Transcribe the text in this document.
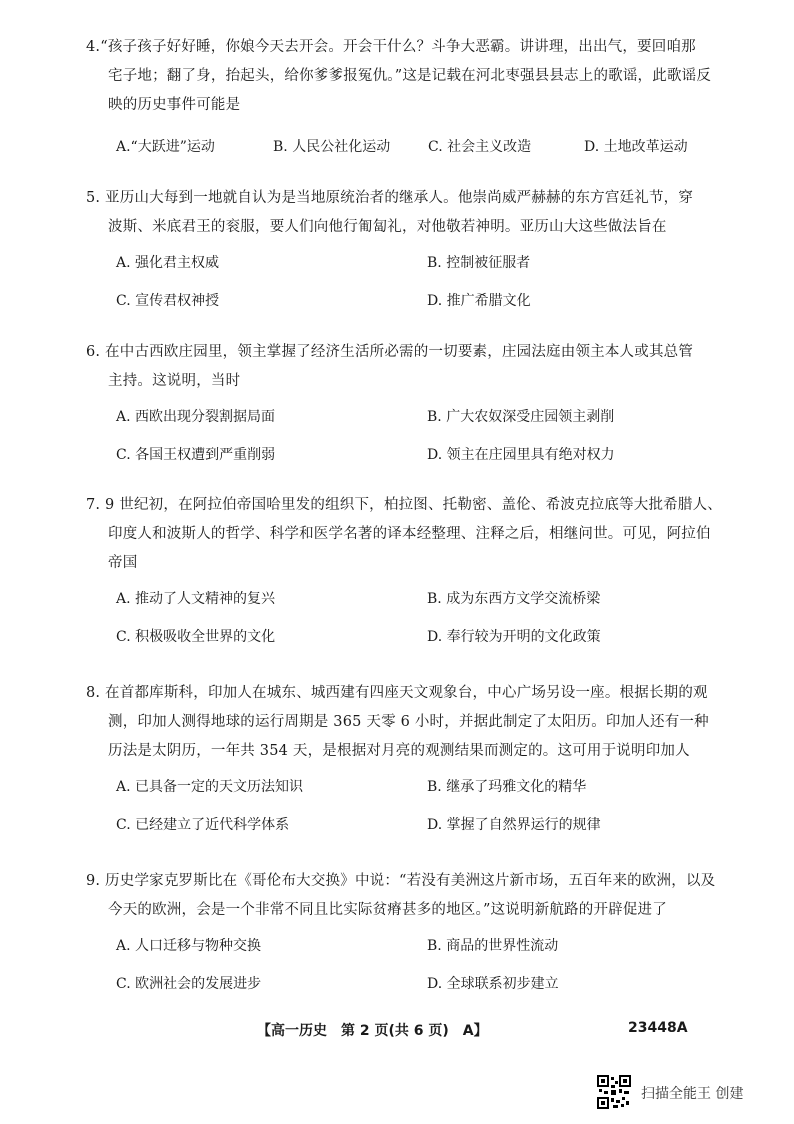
4.“孩子孩子好好睡，你娘今天去开会。开会干什么？斗争大恶霸。讲讲理，出出气，要回咱那
宅子地；翻了身，抬起头，给你爹爹报冤仇。”这是记载在河北枣强县县志上的歌谣，此歌谣反
映的历史事件可能是
A.“大跃进”运动	B. 人民公社化运动	C. 社会主义改造	D. 土地改革运动
5. 亚历山大每到一地就自认为是当地原统治者的继承人。他崇尚威严赫赫的东方宫廷礼节，穿
波斯、米底君王的衮服，要人们向他行匍匐礼，对他敬若神明。亚历山大这些做法旨在
A. 强化君主权威	B. 控制被征服者
C. 宣传君权神授	D. 推广希腊文化
6. 在中古西欧庄园里，领主掌握了经济生活所必需的一切要素，庄园法庭由领主本人或其总管
主持。这说明，当时
A. 西欧出现分裂割据局面	B. 广大农奴深受庄园领主剥削
C. 各国王权遭到严重削弱	D. 领主在庄园里具有绝对权力
7. 9 世纪初，在阿拉伯帝国哈里发的组织下，柏拉图、托勒密、盖伦、希波克拉底等大批希腊人、
印度人和波斯人的哲学、科学和医学名著的译本经整理、注释之后，相继问世。可见，阿拉伯
帝国
A. 推动了人文精神的复兴	B. 成为东西方文学交流桥梁
C. 积极吸收全世界的文化	D. 奉行较为开明的文化政策
8. 在首都库斯科，印加人在城东、城西建有四座天文观象台，中心广场另设一座。根据长期的观
测，印加人测得地球的运行周期是 365 天零 6 小时，并据此制定了太阳历。印加人还有一种
历法是太阴历，一年共 354 天，是根据对月亮的观测结果而测定的。这可用于说明印加人
A. 已具备一定的天文历法知识	B. 继承了玛雅文化的精华
C. 已经建立了近代科学体系	D. 掌握了自然界运行的规律
9. 历史学家克罗斯比在《哥伦布大交换》中说：“若没有美洲这片新市场，五百年来的欧洲，以及
今天的欧洲，会是一个非常不同且比实际贫瘠甚多的地区。”这说明新航路的开辟促进了
A. 人口迁移与物种交换	B. 商品的世界性流动
C. 欧洲社会的发展进步	D. 全球联系初步建立
【高一历史　第 2 页(共 6 页)　A】	23448A
扫描全能王 创建
